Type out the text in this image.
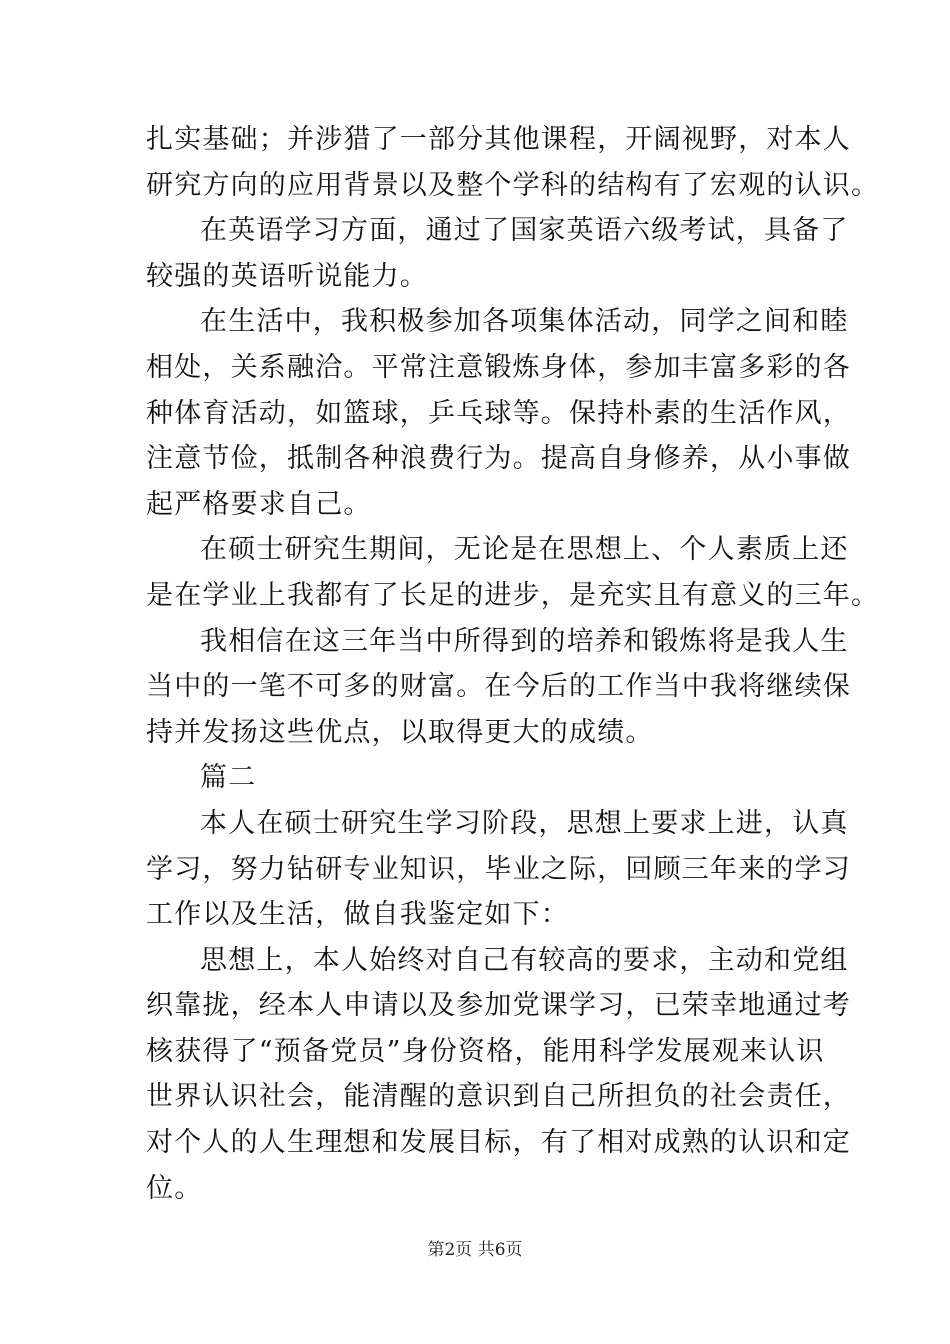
扎实基础；并涉猎了一部分其他课程，开阔视野，对本人
研究方向的应用背景以及整个学科的结构有了宏观的认识。
在英语学习方面，通过了国家英语六级考试，具备了
较强的英语听说能力。
在生活中，我积极参加各项集体活动，同学之间和睦
相处，关系融洽。平常注意锻炼身体，参加丰富多彩的各
种体育活动，如篮球，乒乓球等。保持朴素的生活作风，
注意节俭，抵制各种浪费行为。提高自身修养，从小事做
起严格要求自己。
在硕士研究生期间，无论是在思想上、个人素质上还
是在学业上我都有了长足的进步，是充实且有意义的三年。
我相信在这三年当中所得到的培养和锻炼将是我人生
当中的一笔不可多的财富。在今后的工作当中我将继续保
持并发扬这些优点，以取得更大的成绩。
篇二
本人在硕士研究生学习阶段，思想上要求上进，认真
学习，努力钻研专业知识，毕业之际，回顾三年来的学习
工作以及生活，做自我鉴定如下：
思想上，本人始终对自己有较高的要求，主动和党组
织靠拢，经本人申请以及参加党课学习，已荣幸地通过考
核获得了“预备党员”身份资格，能用科学发展观来认识
世界认识社会，能清醒的意识到自己所担负的社会责任，
对个人的人生理想和发展目标，有了相对成熟的认识和定
位。
第2页 共6页
